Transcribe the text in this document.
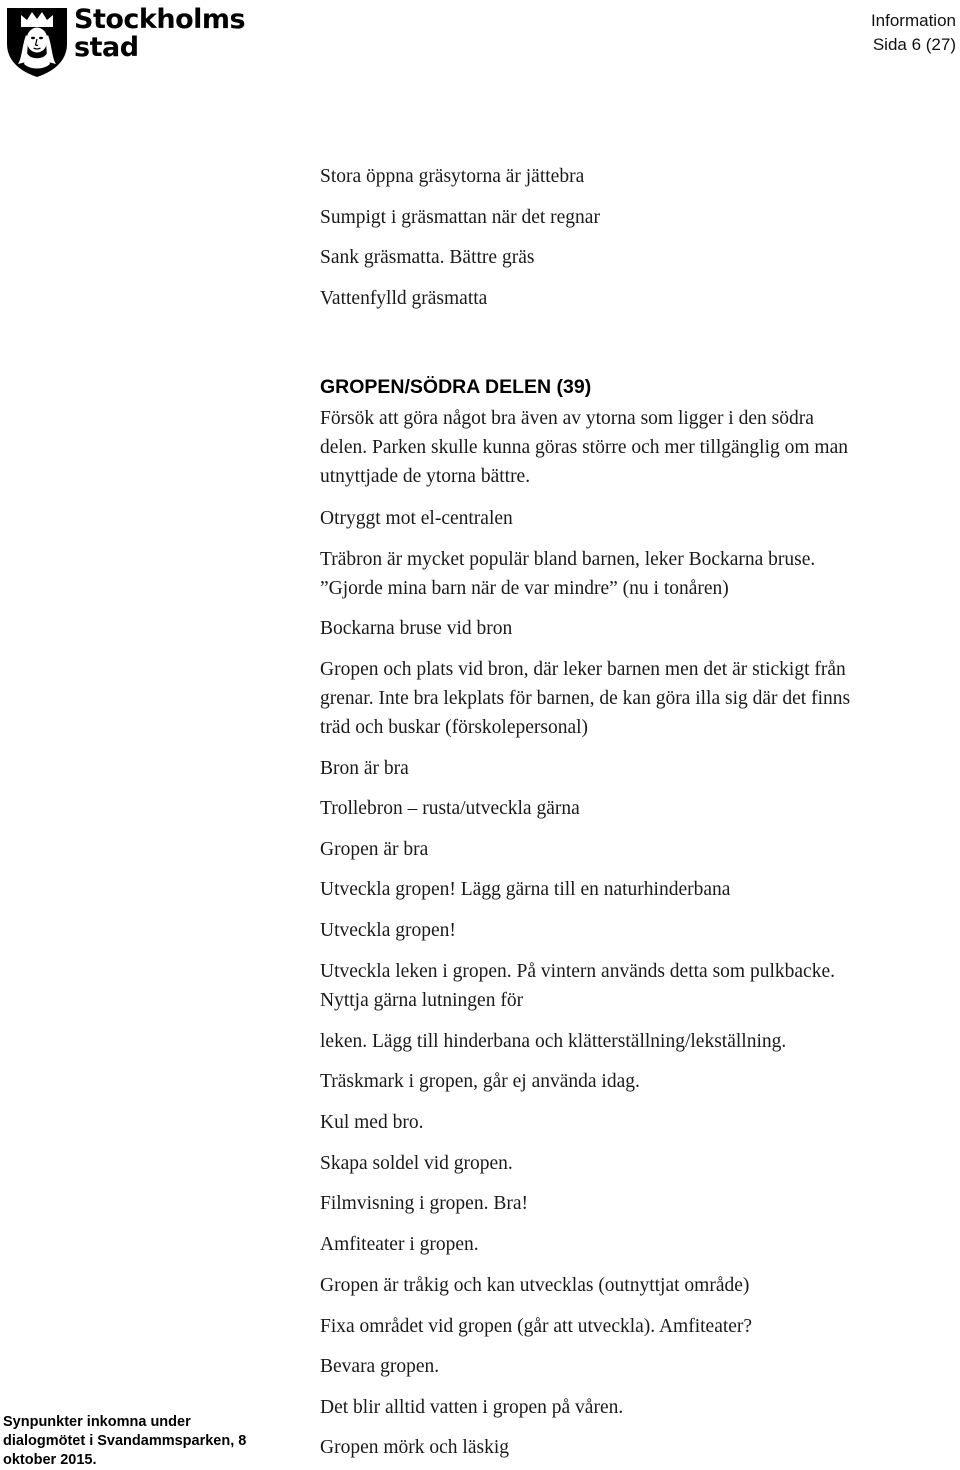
Stockholms
stad
Information
Sida 6 (27)
Synpunkter inkomna under dialogmötet i Svandammsparken, 8 oktober 2015.

Stora öppna gräsytorna är jättebra

Sumpigt i gräsmattan när det regnar

Sank gräsmatta. Bättre gräs

Vattenfylld gräsmatta

GROPEN/SÖDRA DELEN (39)

Försök att göra något bra även av ytorna som ligger i den södra

delen. Parken skulle kunna göras större och mer tillgänglig om man

utnyttjade de ytorna bättre.

Otryggt mot el-centralen

Träbron är mycket populär bland barnen, leker Bockarna bruse.

”Gjorde mina barn när de var mindre” (nu i tonåren)

Bockarna bruse vid bron

Gropen och plats vid bron, där leker barnen men det är stickigt från

grenar. Inte bra lekplats för barnen, de kan göra illa sig där det finns

träd och buskar (förskolepersonal)

Bron är bra

Trollebron – rusta/utveckla gärna

Gropen är bra

Utveckla gropen! Lägg gärna till en naturhinderbana

Utveckla gropen!

Utveckla leken i gropen. På vintern används detta som pulkbacke.

Nyttja gärna lutningen för

leken. Lägg till hinderbana och klätterställning/lekställning.

Träskmark i gropen, går ej använda idag.

Kul med bro.

Skapa soldel vid gropen.

Filmvisning i gropen. Bra!

Amfiteater i gropen.

Gropen är tråkig och kan utvecklas (outnyttjat område)

Fixa området vid gropen (går att utveckla). Amfiteater?

Bevara gropen.

Det blir alltid vatten i gropen på våren.

Gropen mörk och läskig
